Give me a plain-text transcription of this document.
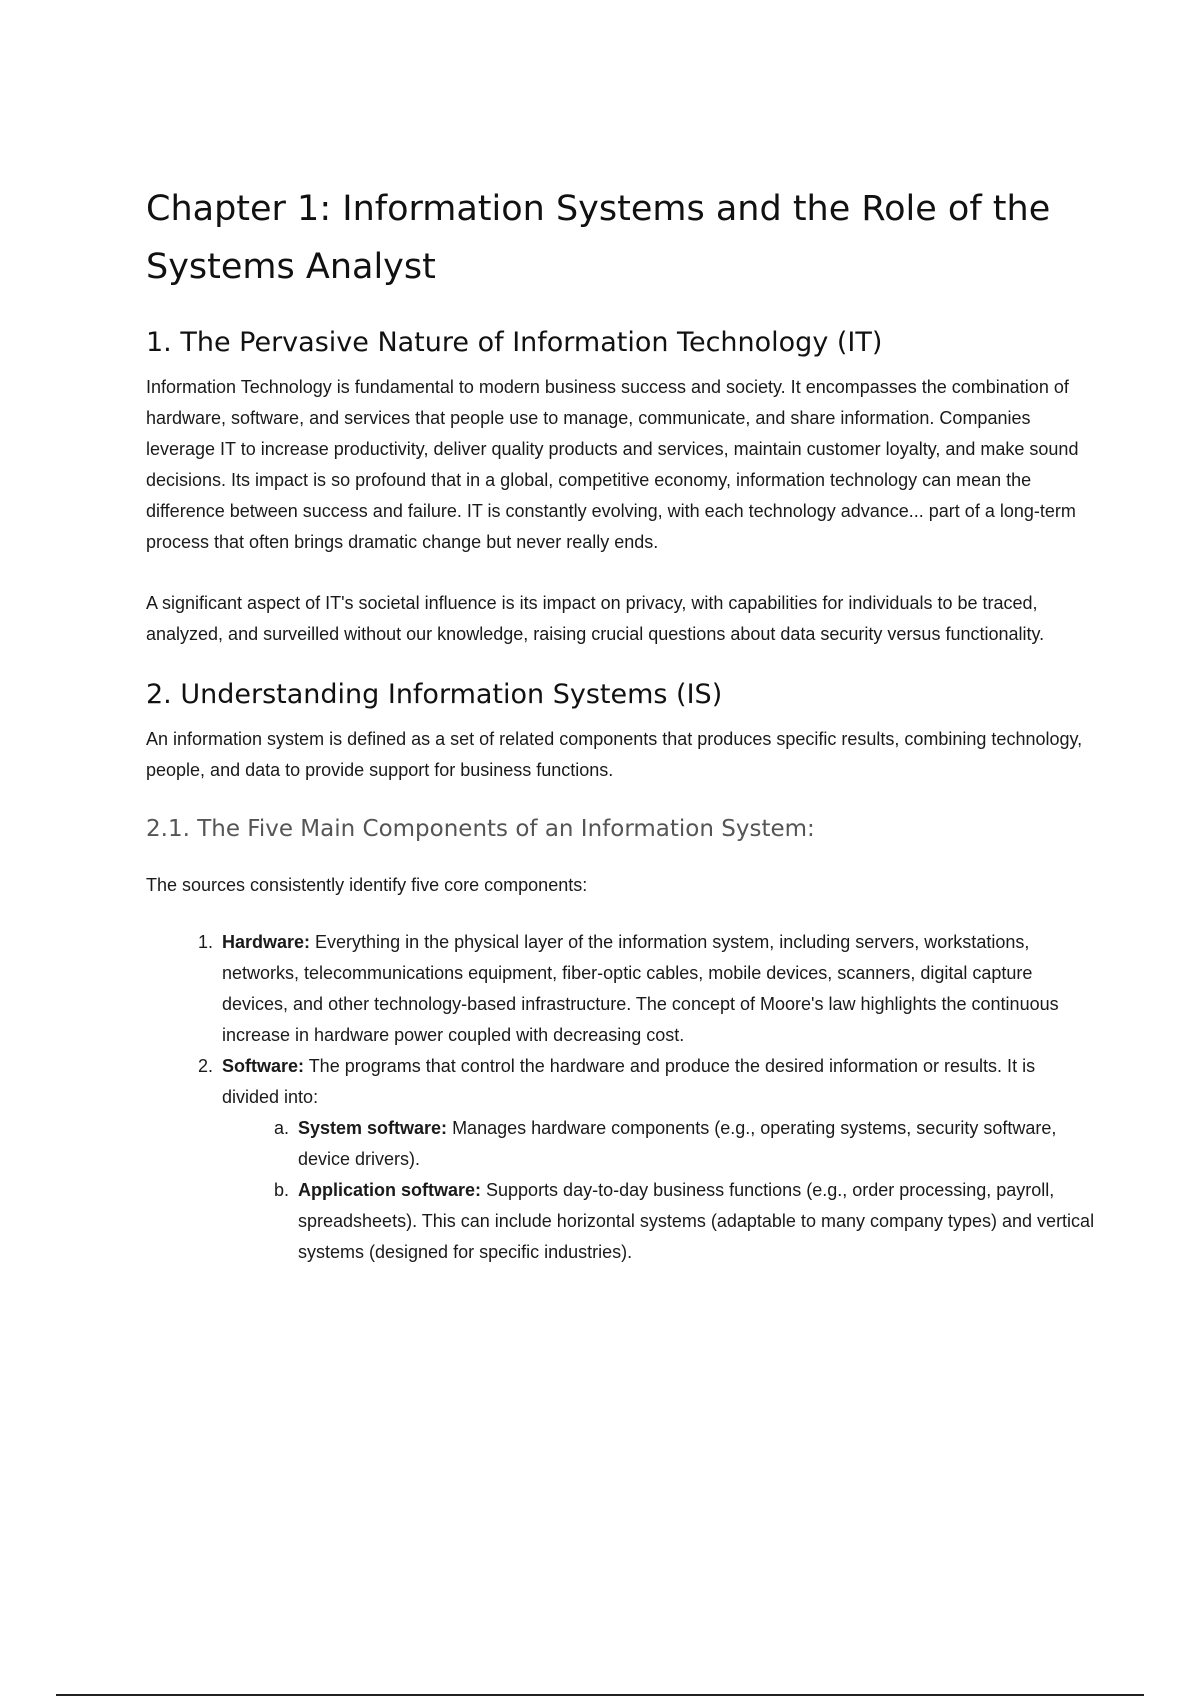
Chapter 1: Information Systems and the Role of the Systems Analyst
1. The Pervasive Nature of Information Technology (IT)

Information Technology is fundamental to modern business success and society. It encompasses the combination of hardware, software, and services that people use to manage, communicate, and share information. Companies leverage IT to increase productivity, deliver quality products and services, maintain customer loyalty, and make sound decisions. Its impact is so profound that in a global, competitive economy, information technology can mean the difference between success and failure. IT is constantly evolving, with each technology advance... part of a long-term process that often brings dramatic change but never really ends.

A significant aspect of IT's societal influence is its impact on privacy, with capabilities for individuals to be traced, analyzed, and surveilled without our knowledge, raising crucial questions about data security versus functionality.

2. Understanding Information Systems (IS)

An information system is defined as a set of related components that produces specific results, combining technology, people, and data to provide support for business functions.

2.1. The Five Main Components of an Information System:

The sources consistently identify five core components:

1. Hardware: Everything in the physical layer of the information system, including servers, workstations, networks, telecommunications equipment, fiber-optic cables, mobile devices, scanners, digital capture devices, and other technology-based infrastructure. The concept of Moore's law highlights the continuous increase in hardware power coupled with decreasing cost.
2. Software: The programs that control the hardware and produce the desired information or results. It is divided into:
a. System software: Manages hardware components (e.g., operating systems, security software, device drivers).
b. Application software: Supports day-to-day business functions (e.g., order processing, payroll, spreadsheets). This can include horizontal systems (adaptable to many company types) and vertical systems (designed for specific industries).
